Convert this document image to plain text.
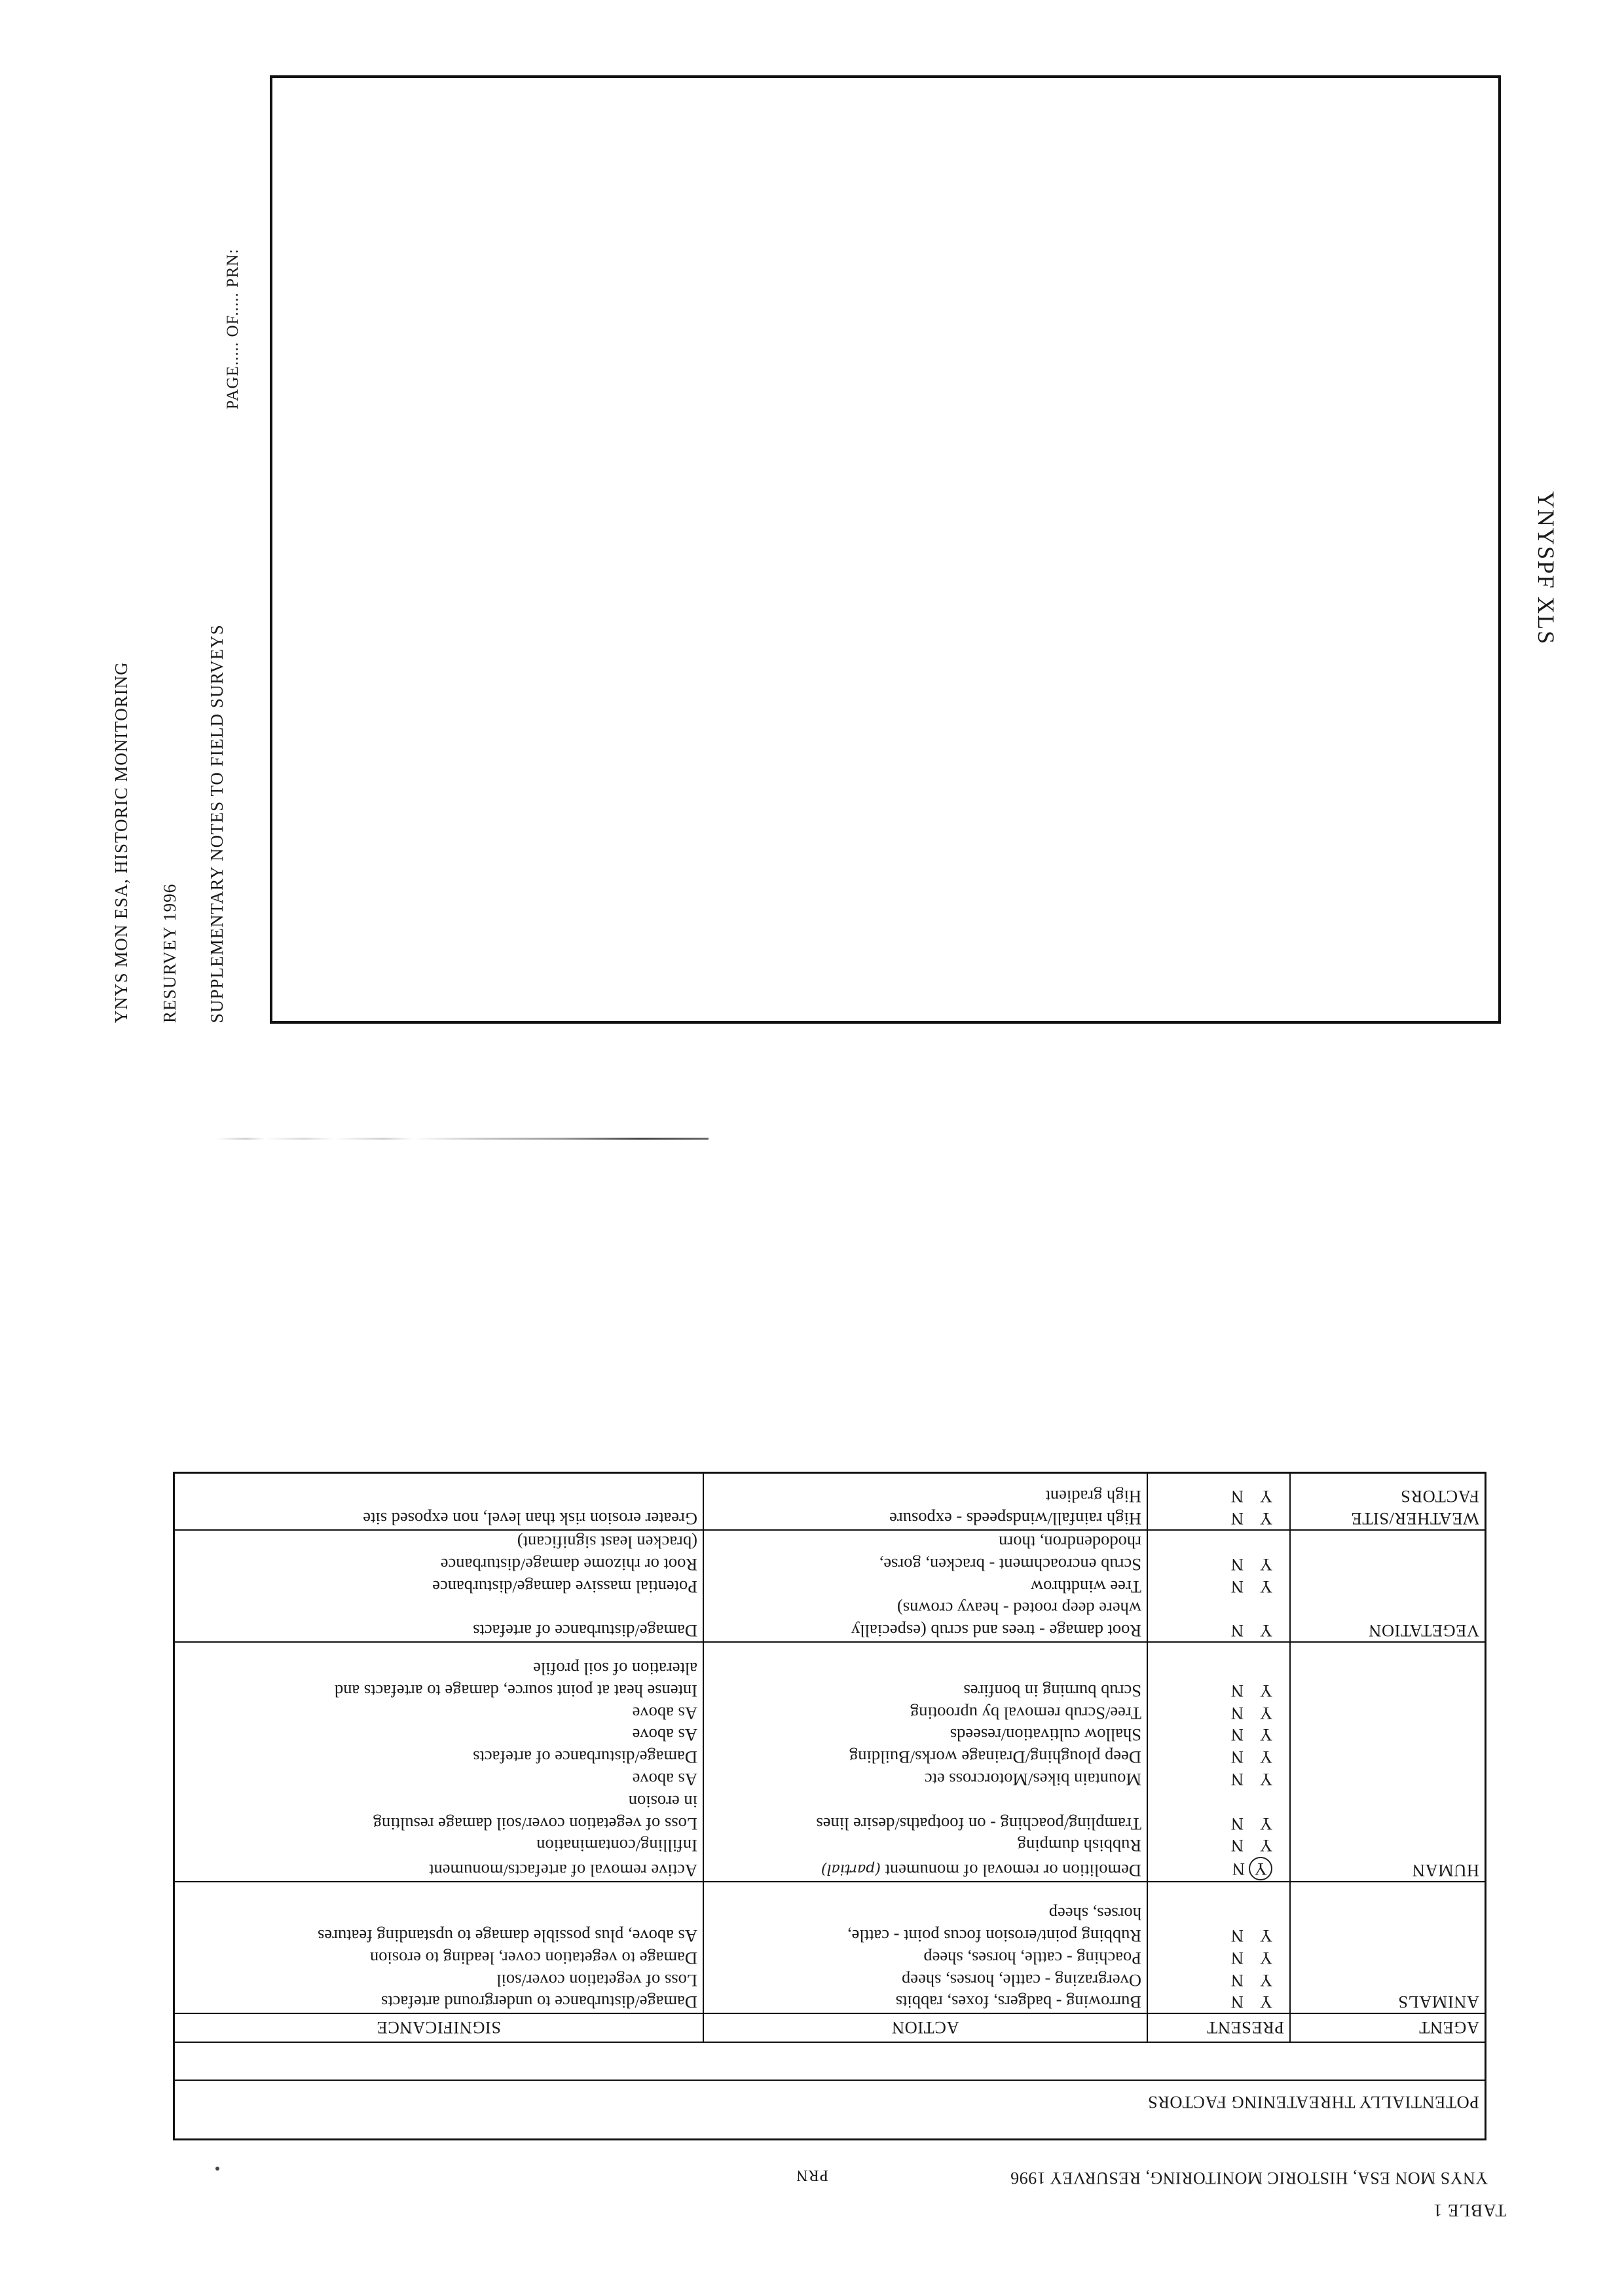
YNYS MON ESA, HISTORIC MONITORING RESURVEY 1996 SUPPLEMENTARY NOTES TO FIELD SURVEYS
PAGE..... OF..... PRN:
YNYSPF XLS
TABLE 1
YNYS MON ESA, HISTORIC MONITORING, RESURVEY 1996
PRN
POTENTIALLY THREATENING FACTORS			

AGENT	PRESENT	ACTION	SIGNIFICANCE
ANIMALS	YN	Burrowing - badgers, foxes, rabbits	Damage/disturbance to underground artefacts
	YN	Overgrazing - cattle, horses, sheep	Loss of vegetation cover/soil
	YN	Poaching - cattle, horses, sheep	Damage to vegetation cover, leading to erosion
	YN	Rubbing point/erosion focus point - cattle,	As above, plus possible damage to upstanding features
		horses, sheep	

HUMAN	YN	Demolition or removal of monument (partial)	Active removal of artefacts/monument
	YN	Rubbish dumping	Infilling/contamination
	YN	Trampling/poaching - on footpaths/desire lines	Loss of vegetation cover/soil damage resulting
			in erosion
	YN	Mountain bikes/Motorcross etc	As above
	YN	Deep ploughing/Drainage works/Building	Damage/disturbance of artefacts
	YN	Shallow cultivation/reseeds	As above
	YN	Tree/Scrub removal by uprooting	As above
	YN	Scrub burning in bonfires	Intense heat at point source, damage to artefacts and
			alteration of soil profile

VEGETATION	YN	Root damage - trees and scrub (especially	Damage/disturbance of artefacts
		where deep rooted - heavy crowns)	
	YN	Tree windthrow	Potential massive damage/disturbance
	YN	Scrub encroachment - bracken, gorse,	Root or rhizome damage/disturbance
		rhododendron, thorn	(bracken least significant)
WEATHER/SITE	YN	High rainfall/windspeeds - exposure	Greater erosion risk than level, non exposed site
FACTORS	YN	High gradient	
